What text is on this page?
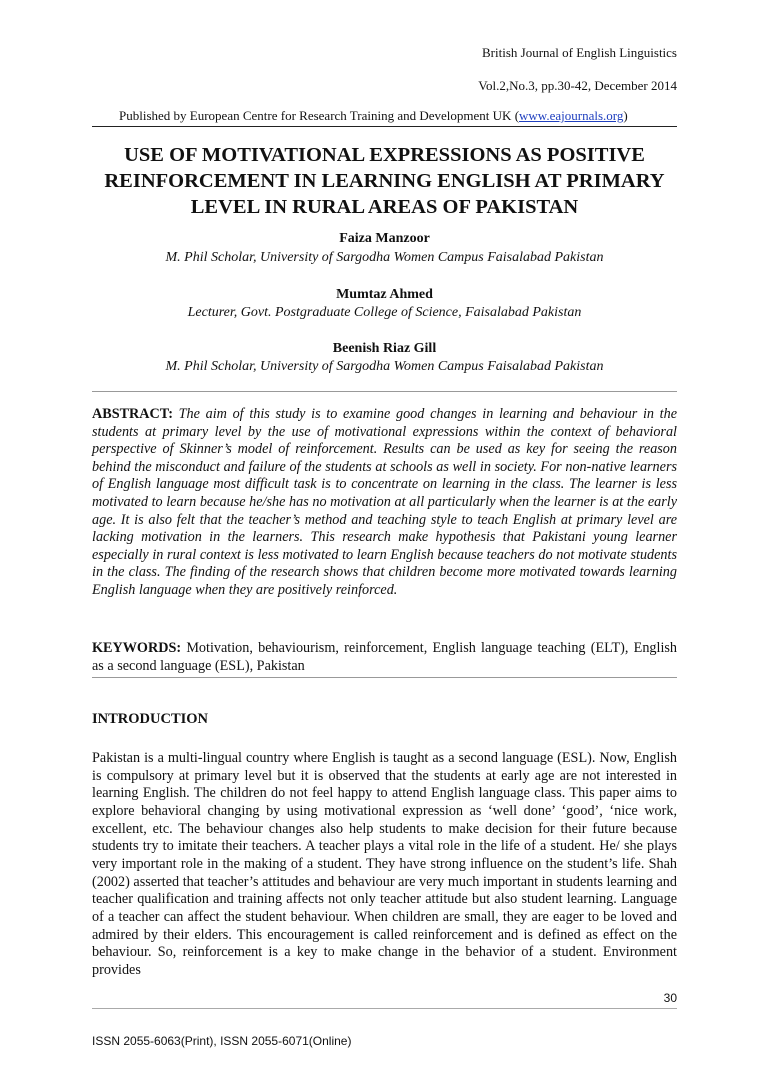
British Journal of English Linguistics
Vol.2,No.3, pp.30-42, December 2014
Published by European Centre for Research Training and Development UK (www.eajournals.org)
USE OF MOTIVATIONAL EXPRESSIONS AS POSITIVE REINFORCEMENT IN LEARNING ENGLISH AT PRIMARY LEVEL IN RURAL AREAS OF PAKISTAN
Faiza Manzoor
M. Phil Scholar, University of Sargodha Women Campus Faisalabad Pakistan
Mumtaz Ahmed
Lecturer, Govt. Postgraduate College of Science, Faisalabad Pakistan
Beenish Riaz Gill
M. Phil Scholar, University of Sargodha Women Campus Faisalabad Pakistan
ABSTRACT: The aim of this study is to examine good changes in learning and behaviour in the students at primary level by the use of motivational expressions within the context of behavioral perspective of Skinner’s model of reinforcement. Results can be used as key for seeing the reason behind the misconduct and failure of the students at schools as well in society. For non-native learners of English language most difficult task is to concentrate on learning in the class. The learner is less motivated to learn because he/she has no motivation at all particularly when the learner is at the early age. It is also felt that the teacher’s method and teaching style to teach English at primary level are lacking motivation in the learners. This research make hypothesis that Pakistani young learner especially in rural context is less motivated to learn English because teachers do not motivate students in the class. The finding of the research shows that children become more motivated towards learning English language when they are positively reinforced.
KEYWORDS: Motivation, behaviourism, reinforcement, English language teaching (ELT), English as a second language (ESL), Pakistan
INTRODUCTION
Pakistan is a multi-lingual country where English is taught as a second language (ESL). Now, English is compulsory at primary level but it is observed that the students at early age are not interested in learning English. The children do not feel happy to attend English language class. This paper aims to explore behavioral changing by using motivational expression as ‘well done’ ‘good’, ‘nice work, excellent, etc. The behaviour changes also help students to make decision for their future because students try to imitate their teachers. A teacher plays a vital role in the life of a student. He/ she plays very important role in the making of a student. They have strong influence on the student’s life. Shah (2002) asserted that teacher’s attitudes and behaviour are very much important in students learning and teacher qualification and training affects not only teacher attitude but also student learning. Language of a teacher can affect the student behaviour. When children are small, they are eager to be loved and admired by their elders. This encouragement is called reinforcement and is defined as effect on the behaviour. So, reinforcement is a key to make change in the behavior of a student. Environment provides
30
ISSN 2055-6063(Print), ISSN 2055-6071(Online)
